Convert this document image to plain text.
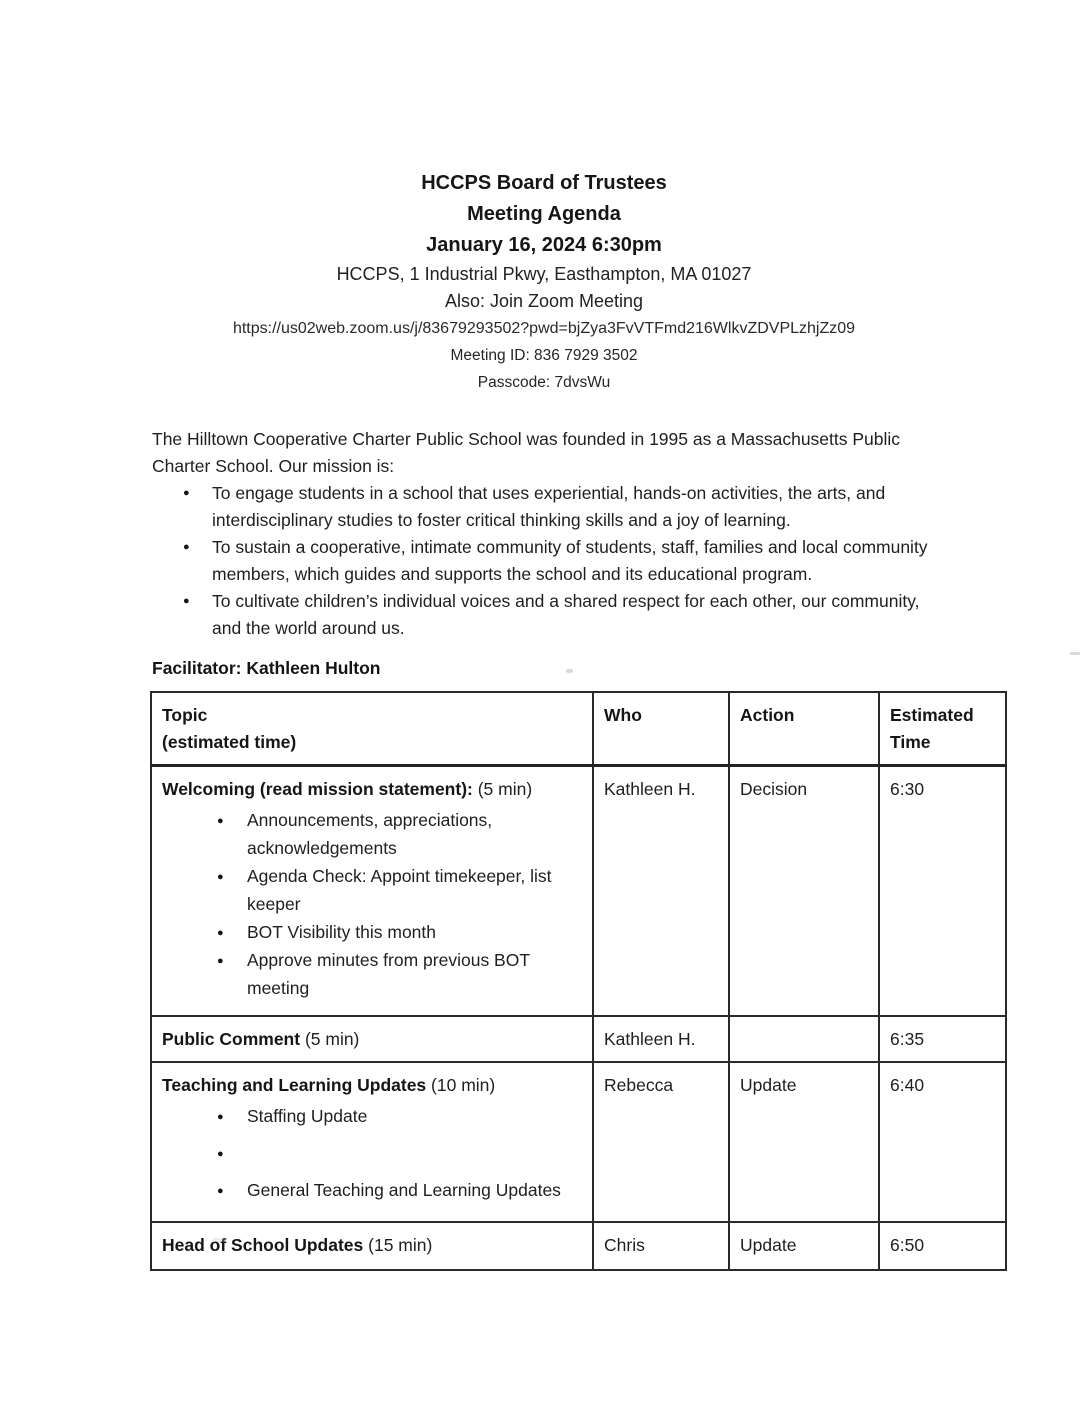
HCCPS Board of Trustees
Meeting Agenda
January 16, 2024 6:30pm
HCCPS, 1 Industrial Pkwy, Easthampton, MA 01027
Also: Join Zoom Meeting
https://us02web.zoom.us/j/83679293502?pwd=bjZya3FvVTFmd216WlkvZDVPLzhjZz09
Meeting ID: 836 7929 3502
Passcode: 7dvsWu

The Hilltown Cooperative Charter Public School was founded in 1995 as a Massachusetts Public Charter School. Our mission is:

● To engage students in a school that uses experiential, hands-on activities, the arts, and interdisciplinary studies to foster critical thinking skills and a joy of learning.
● To sustain a cooperative, intimate community of students, staff, families and local community members, which guides and supports the school and its educational program.
● To cultivate children’s individual voices and a shared respect for each other, our community, and the world around us.
Facilitator: Kathleen Hulton
Topic
(estimated time)	Who	Action	Estimated Time
Welcoming (read mission statement): (5 min)
● Announcements, appreciations, acknowledgements
● Agenda Check: Appoint timekeeper, list keeper
● BOT Visibility this month
● Approve minutes from previous BOT meeting
	Kathleen H.	Decision	6:30
Public Comment (5 min)	Kathleen H.		6:35
Teaching and Learning Updates (10 min)
● Staffing Update
●
● General Teaching and Learning Updates
	Rebecca	Update	6:40
Head of School Updates (15 min)	Chris	Update	6:50
